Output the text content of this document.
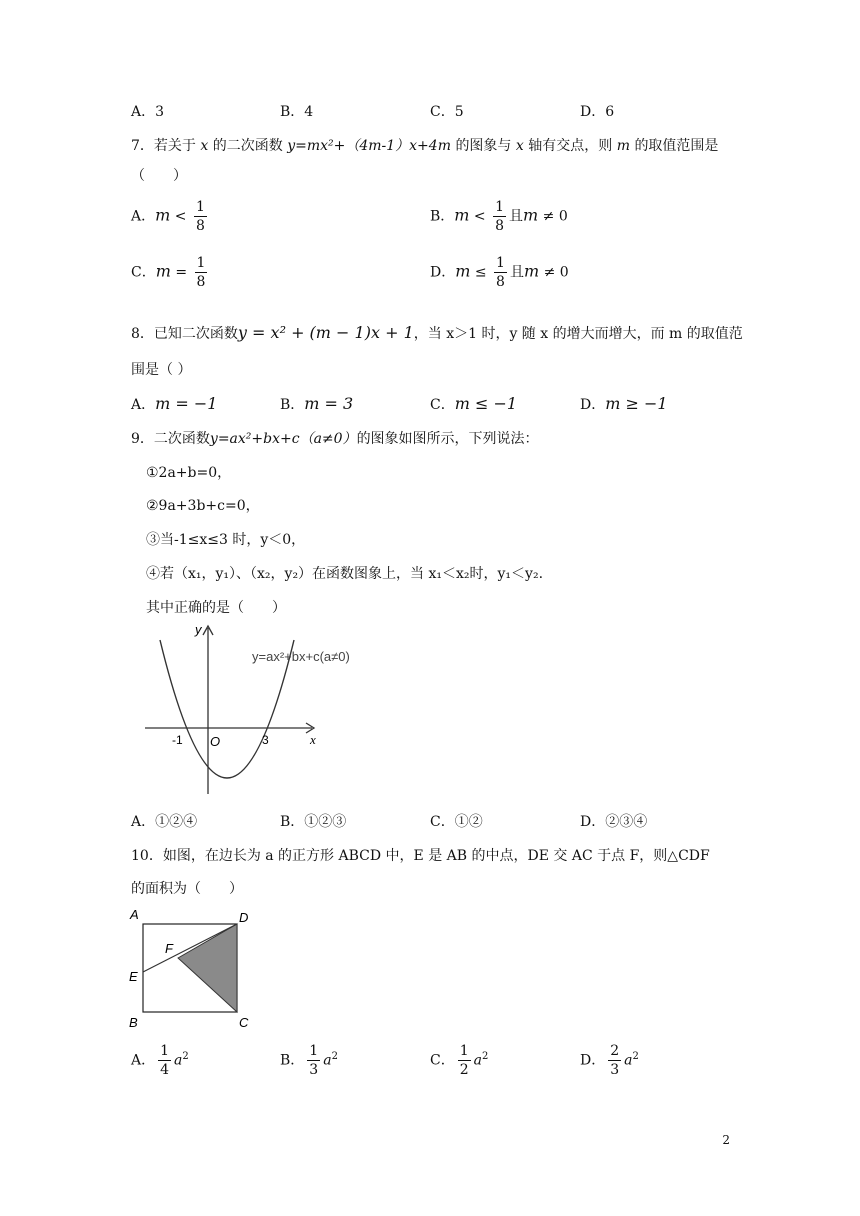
A．3	B．4	C．5	D．6
7．若关于 x 的二次函数 y=mx²+（4m-1）x+4m 的图象与 x 轴有交点，则 m 的取值范围是
（　　）
A．$m < \frac{1}{8}$	B．$m < \frac{1}{8}$ 且m ≠ 0
C．$m = \frac{1}{8}$	D．$m \le \frac{1}{8}$ 且m ≠ 0
8．已知二次函数y = x² + (m − 1)x + 1，当 x＞1 时，y 随 x 的增大而增大，而 m 的取值范
围是（ ）
A．m = −1	B．m = 3	C．m ≤ −1	D．m ≥ −1
9．二次函数y=ax²+bx+c（a≠0）的图象如图所示，下列说法：
①2a+b=0，
②9a+3b+c=0，
③当-1≤x≤3 时，y＜0，
④若（x₁，y₁）、（x₂，y₂）在函数图象上，当 x₁＜x₂时，y₁＜y₂.
其中正确的是（　　）
y
x
O
-1	3
y=ax²+bx+c(a≠0)
A．①②④	B．①②③	C．①②	D．②③④
10．如图，在边长为 a 的正方形 ABCD 中，E 是 AB 的中点，DE 交 AC 于点 F，则△CDF
的面积为（　　）
A	D
E
F
B	C
A． $\frac{1}{4} a^2$	B． $\frac{1}{3} a^2$	C． $\frac{1}{2} a^2$	D． $\frac{2}{3} a^2$
2
